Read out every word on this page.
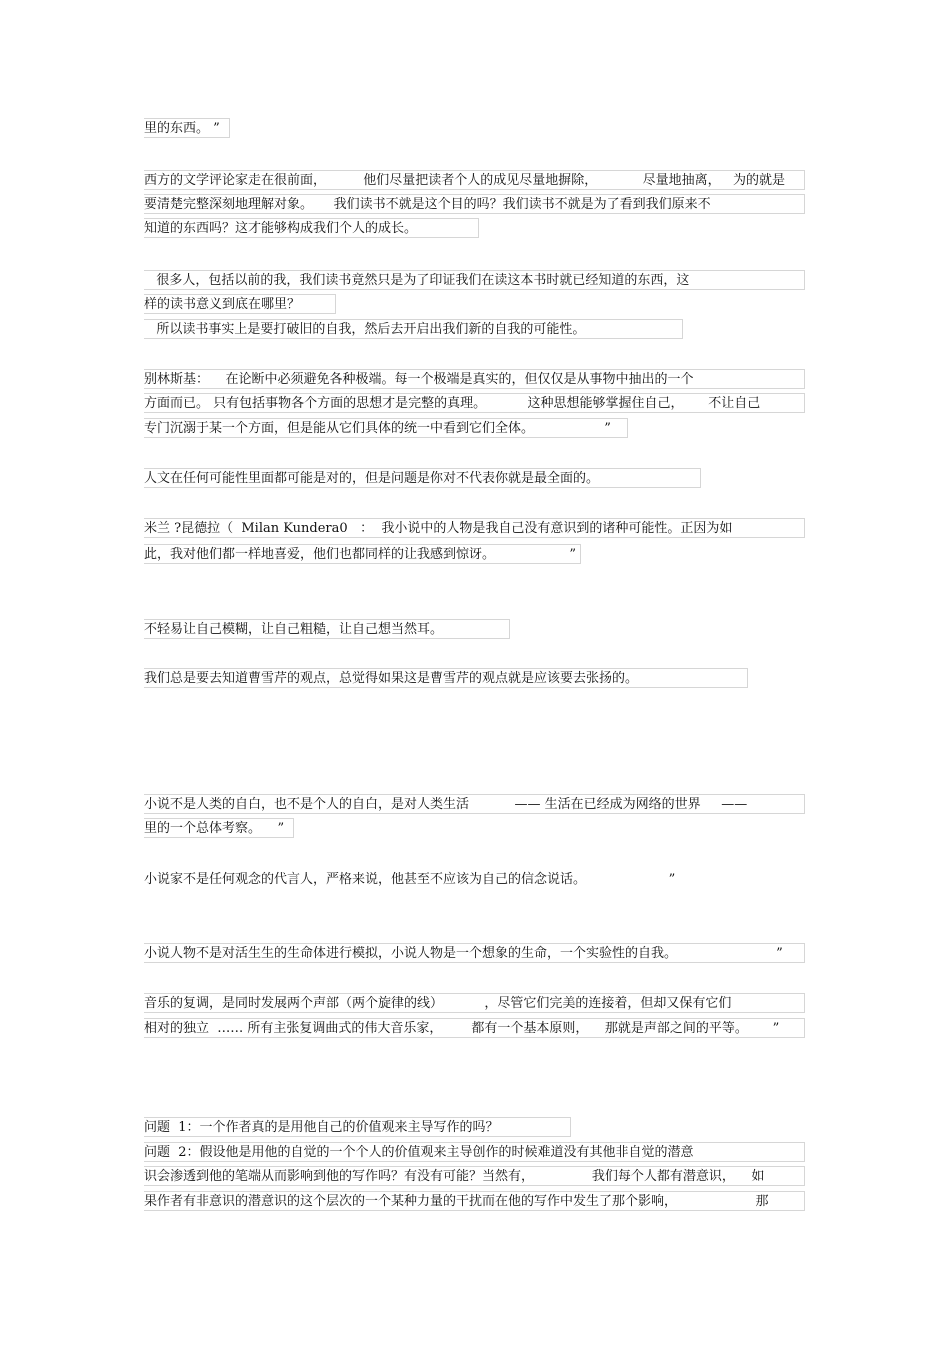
里的东西。 ”
西方的文学评论家走在很前面，         他们尽量把读者个人的成见尽量地摒除，           尽量地抽离，   为的就是
要清楚完整深刻地理解对象。     我们读书不就是这个目的吗？我们读书不就是为了看到我们原来不
知道的东西吗？这才能够构成我们个人的成长。
很多人，包括以前的我，我们读书竟然只是为了印证我们在读这本书时就已经知道的东西，这
样的读书意义到底在哪里？
所以读书事实上是要打破旧的自我，然后去开启出我们新的自我的可能性。
别林斯基：    在论断中必须避免各种极端。每一个极端是真实的，但仅仅是从事物中抽出的一个
方面而已。 只有包括事物各个方面的思想才是完整的真理。          这种思想能够掌握住自己，      不让自己
专门沉溺于某一个方面，但是能从它们具体的统一中看到它们全体。                 ”
人文在任何可能性里面都可能是对的，但是问题是你对不代表你就是最全面的。
米兰 ?昆德拉（  Milan Kundera0   ：  我小说中的人物是我自己没有意识到的诸种可能性。正因为如
此，我对他们都一样地喜爱，他们也都同样的让我感到惊讶。                  ”
不轻易让自己模糊，让自己粗糙，让自己想当然耳。
我们总是要去知道曹雪芹的观点，总觉得如果这是曹雪芹的观点就是应该要去张扬的。
小说不是人类的自白，也不是个人的自白，是对人类生活           —— 生活在已经成为网络的世界     ——
里的一个总体考察。    ”
小说家不是任何观念的代言人，严格来说，他甚至不应该为自己的信念说话。                    ”
小说人物不是对活生生的生命体进行模拟，小说人物是一个想象的生命，一个实验性的自我。                        ”
音乐的复调，是同时发展两个声部（两个旋律的线）          ，尽管它们完美的连接着，但却又保有它们
相对的独立  …… 所有主张复调曲式的伟大音乐家，       都有一个基本原则，    那就是声部之间的平等。      ”
问题  1：一个作者真的是用他自己的价值观来主导写作的吗？
问题  2：假设他是用他的自觉的一个个人的价值观来主导创作的时候难道没有其他非自觉的潜意
识会渗透到他的笔端从而影响到他的写作吗？有没有可能？当然有，              我们每个人都有潜意识，    如
果作者有非意识的潜意识的这个层次的一个某种力量的干扰而在他的写作中发生了那个影响，                   那
